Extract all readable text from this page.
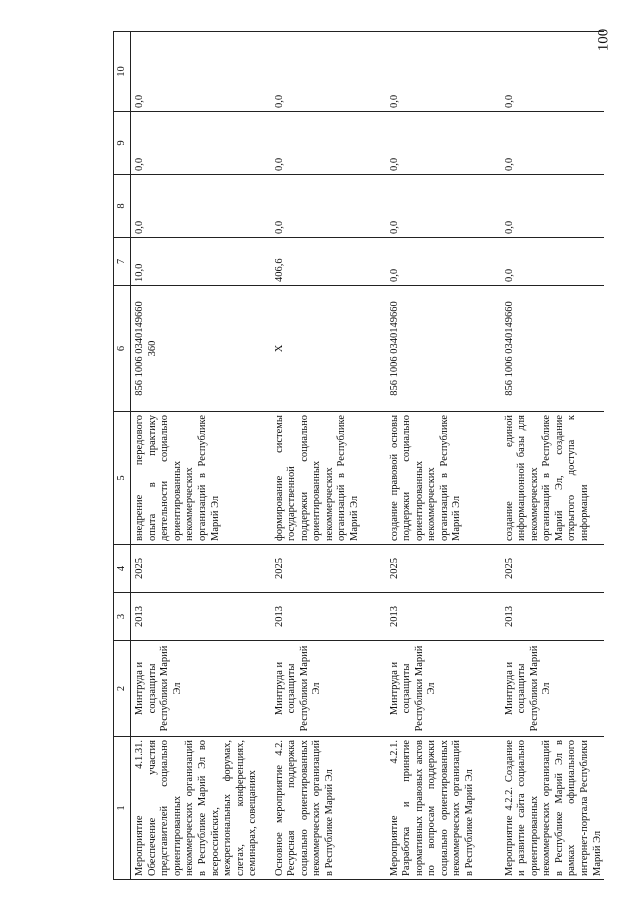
100
1	2	3	4	5	6	7	8	9	10
Мероприятие 4.1.31. Обеспечение участия представителей социально ориентированных некоммерческих организаций в Республике Марий Эл во всероссийских, межрегиональных форумах, слетах, конференциях, семинарах, совещаниях	Минтруда и соцзащиты Республики Марий Эл	2013	2025	внедрение передового опыта в практику деятельности социально ориентированных некоммерческих организаций в Республике Марий Эл	856 1006 0340149660 360	10,0	0,0	0,0	0,0
Основное мероприятие 4.2. Ресурсная поддержка социально ориентированных некоммерческих организаций в Республике Марий Эл	Минтруда и соцзащиты Республики Марий Эл	2013	2025	формирование системы государственной поддержки социально ориентированных некоммерческих организаций в Республике Марий Эл	Х	406,6	0,0	0,0	0,0
Мероприятие 4.2.1. Разработка и принятие нормативных правовых актов по вопросам поддержки социально ориентированных некоммерческих организаций в Республике Марий Эл	Минтруда и соцзащиты Республики Марий Эл	2013	2025	создание правовой основы поддержки социально ориентированных некоммерческих организаций в Республике Марий Эл	856 1006 0340149660	0,0	0,0	0,0	0,0
Мероприятие 4.2.2. Создание и развитие сайта социально ориентированных некоммерческих организаций в Республике Марий Эл в рамках официального интернет-портала Республики Марий Эл	Минтруда и соцзащиты Республики Марий Эл	2013	2025	создание единой информационной базы для некоммерческих организаций в Республике Марий Эл, создание открытого доступа к информации	856 1006 0340149660	0,0	0,0	0,0	0,0
